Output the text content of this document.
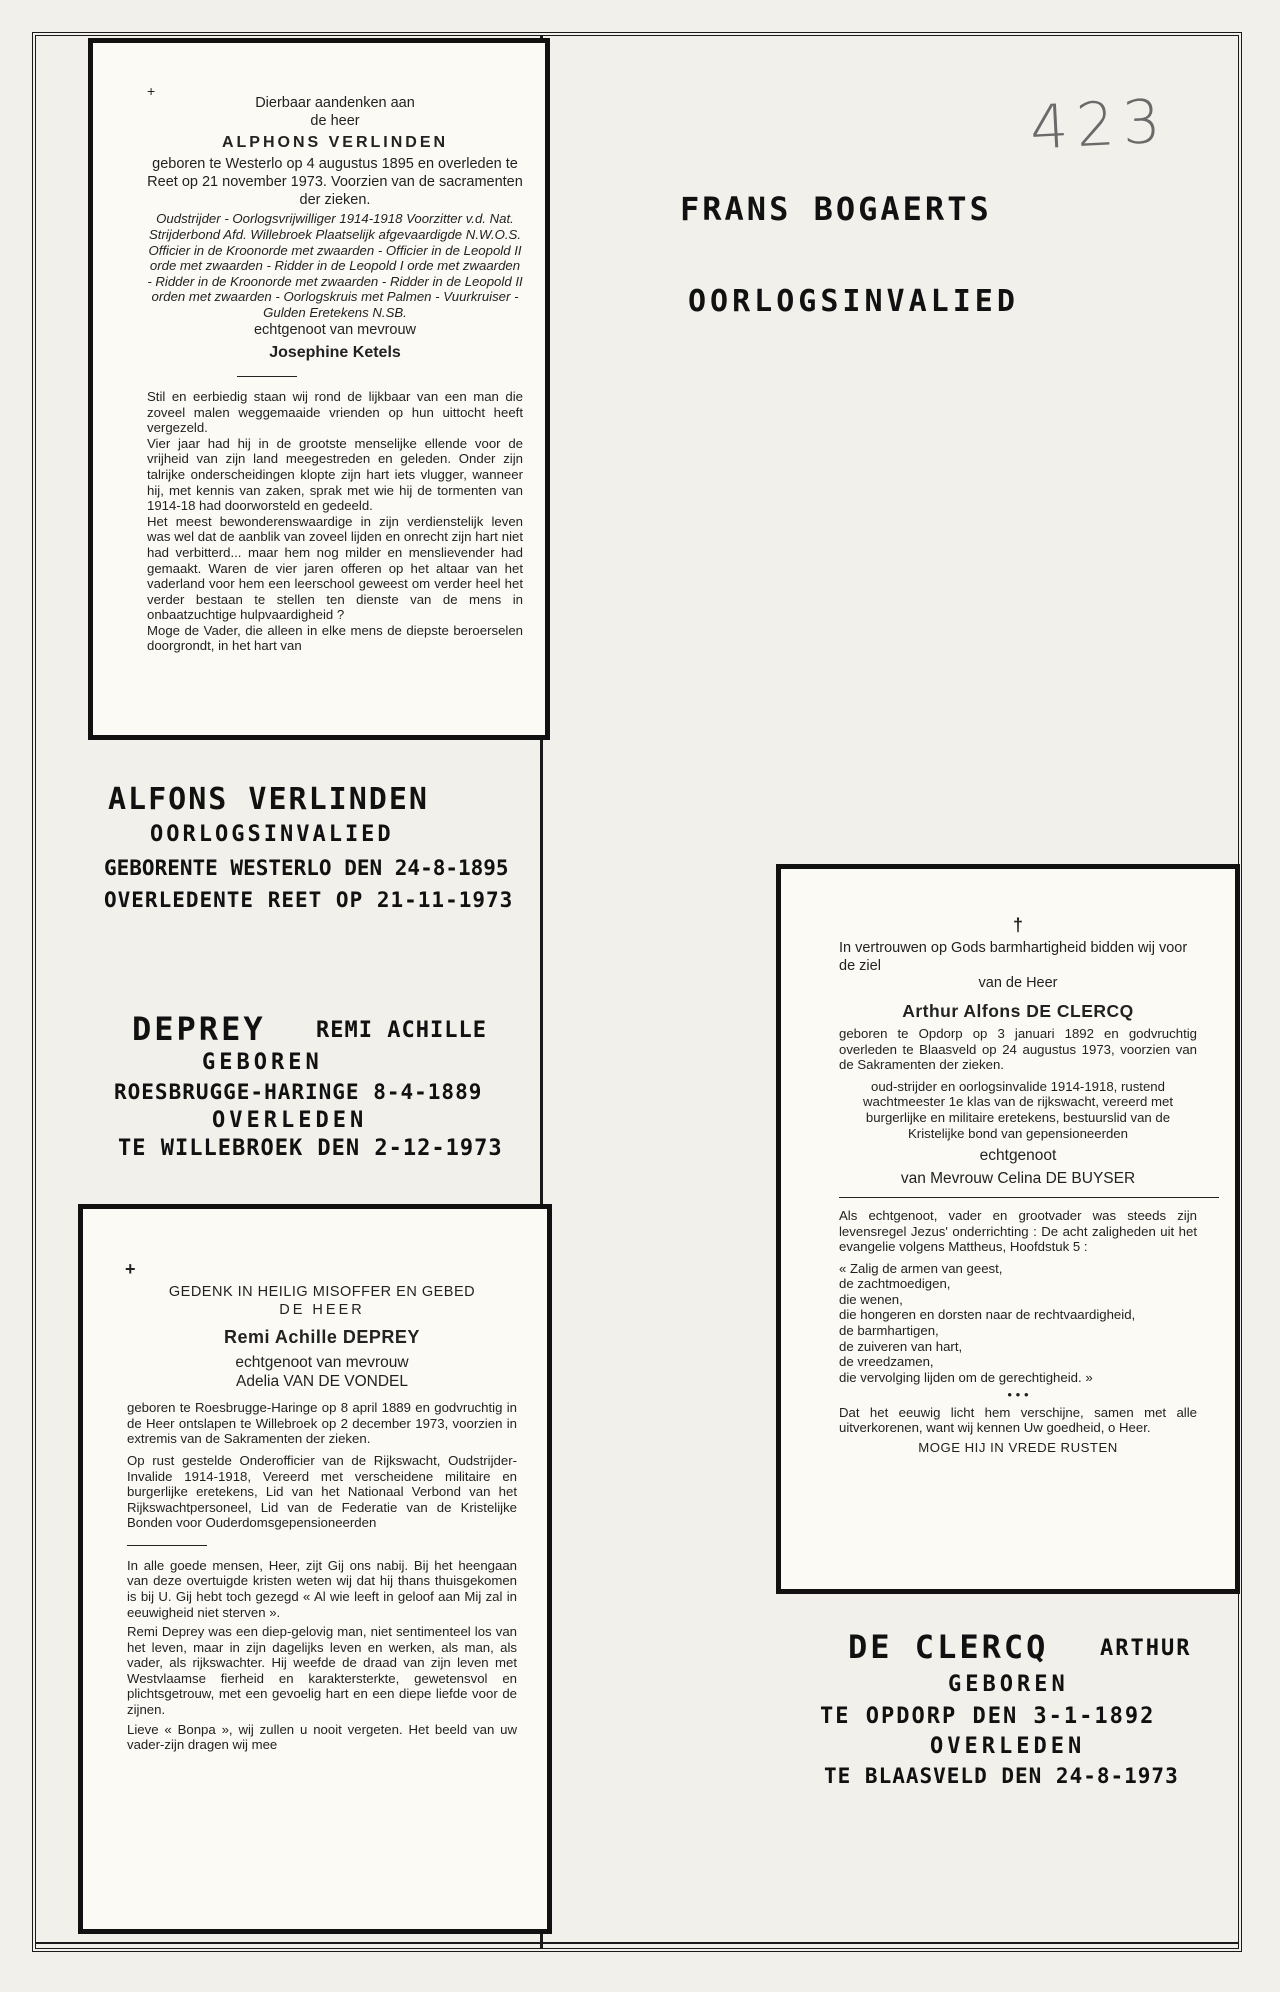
423
FRANS BOGAERTS
OORLOGSINVALIED
+

Dierbaar aandenken aan

de heer

ALPHONS VERLINDEN

geboren te Westerlo op 4 augustus 1895 en overleden te Reet op 21 november 1973. Voorzien van de sacramenten der zieken.

Oudstrijder - Oorlogsvrijwilliger 1914-1918 Voorzitter v.d. Nat. Strijderbond Afd. Willebroek Plaatselijk afgevaardigde N.W.O.S. Officier in de Kroonorde met zwaarden - Officier in de Leopold II orde met zwaarden - Ridder in de Leopold I orde met zwaarden - Ridder in de Kroonorde met zwaarden - Ridder in de Leopold II orden met zwaarden - Oorlogskruis met Palmen - Vuurkruiser - Gulden Eretekens N.SB.

echtgenoot van mevrouw

Josephine Ketels

Stil en eerbiedig staan wij rond de lijkbaar van een man die zoveel malen weggemaaide vrienden op hun uittocht heeft vergezeld.

Vier jaar had hij in de grootste menselijke ellende voor de vrijheid van zijn land meegestreden en geleden. Onder zijn talrijke onderscheidingen klopte zijn hart iets vlugger, wanneer hij, met kennis van zaken, sprak met wie hij de tormenten van 1914-18 had doorworsteld en gedeeld.

Het meest bewonderenswaardige in zijn verdienstelijk leven was wel dat de aanblik van zoveel lijden en onrecht zijn hart niet had verbitterd... maar hem nog milder en menslievender had gemaakt. Waren de vier jaren offeren op het altaar van het vaderland voor hem een leerschool geweest om verder heel het verder bestaan te stellen ten dienste van de mens in onbaatzuchtige hulpvaardigheid ?

Moge de Vader, die alleen in elke mens de diepste beroerselen doorgrondt, in het hart van

ALFONS VERLINDEN
OORLOGSINVALIED
GEBORENTE WESTERLO DEN 24-8-1895
OVERLEDENTE REET OP 21-11-1973
DEPREY REMI ACHILLE
GEBOREN
ROESBRUGGE-HARINGE 8-4-1889
OVERLEDEN
TE WILLEBROEK DEN 2-12-1973
+

GEDENK IN HEILIG MISOFFER EN GEBED

DE HEER

Remi Achille DEPREY

echtgenoot van mevrouw

Adelia VAN DE VONDEL

geboren te Roesbrugge-Haringe op 8 april 1889 en godvruchtig in de Heer ontslapen te Willebroek op 2 december 1973, voorzien in extremis van de Sakramenten der zieken.

Op rust gestelde Onderofficier van de Rijkswacht, Oudstrijder-Invalide 1914-1918, Vereerd met verscheidene militaire en burgerlijke eretekens, Lid van het Nationaal Verbond van het Rijkswachtpersoneel, Lid van de Federatie van de Kristelijke Bonden voor Ouderdomsgepensioneerden

In alle goede mensen, Heer, zijt Gij ons nabij. Bij het heengaan van deze overtuigde kristen weten wij dat hij thans thuisgekomen is bij U. Gij hebt toch gezegd « Al wie leeft in geloof aan Mij zal in eeuwigheid niet sterven ».

Remi Deprey was een diep-gelovig man, niet sentimenteel los van het leven, maar in zijn dagelijks leven en werken, als man, als vader, als rijkswachter. Hij weefde de draad van zijn leven met Westvlaamse fierheid en karaktersterkte, gewetensvol en plichtsgetrouw, met een gevoelig hart en een diepe liefde voor de zijnen.

Lieve « Bonpa », wij zullen u nooit vergeten. Het beeld van uw vader-zijn dragen wij mee

†

In vertrouwen op Gods barmhartigheid bidden wij voor de ziel

van de Heer

Arthur Alfons DE CLERCQ

geboren te Opdorp op 3 januari 1892 en godvruchtig overleden te Blaasveld op 24 augustus 1973, voorzien van de Sakramenten der zieken.

oud-strijder en oorlogsinvalide 1914-1918, rustend wachtmeester 1e klas van de rijkswacht, vereerd met burgerlijke en militaire eretekens, bestuurslid van de Kristelijke bond van gepensioneerden

echtgenoot

van Mevrouw Celina DE BUYSER

Als echtgenoot, vader en grootvader was steeds zijn levensregel Jezus' onderrichting : De acht zaligheden uit het evangelie volgens Mattheus, Hoofdstuk 5 :

« Zalig de armen van geest,

de zachtmoedigen,

die wenen,

die hongeren en dorsten naar de rechtvaardigheid,

de barmhartigen,

de zuiveren van hart,

de vreedzamen,

die vervolging lijden om de gerechtigheid. »

• • •

Dat het eeuwig licht hem verschijne, samen met alle uitverkorenen, want wij kennen Uw goedheid, o Heer.

MOGE HIJ IN VREDE RUSTEN

DE CLERCQ ARTHUR
GEBOREN
TE OPDORP DEN 3-1-1892
OVERLEDEN
TE BLAASVELD DEN 24-8-1973
